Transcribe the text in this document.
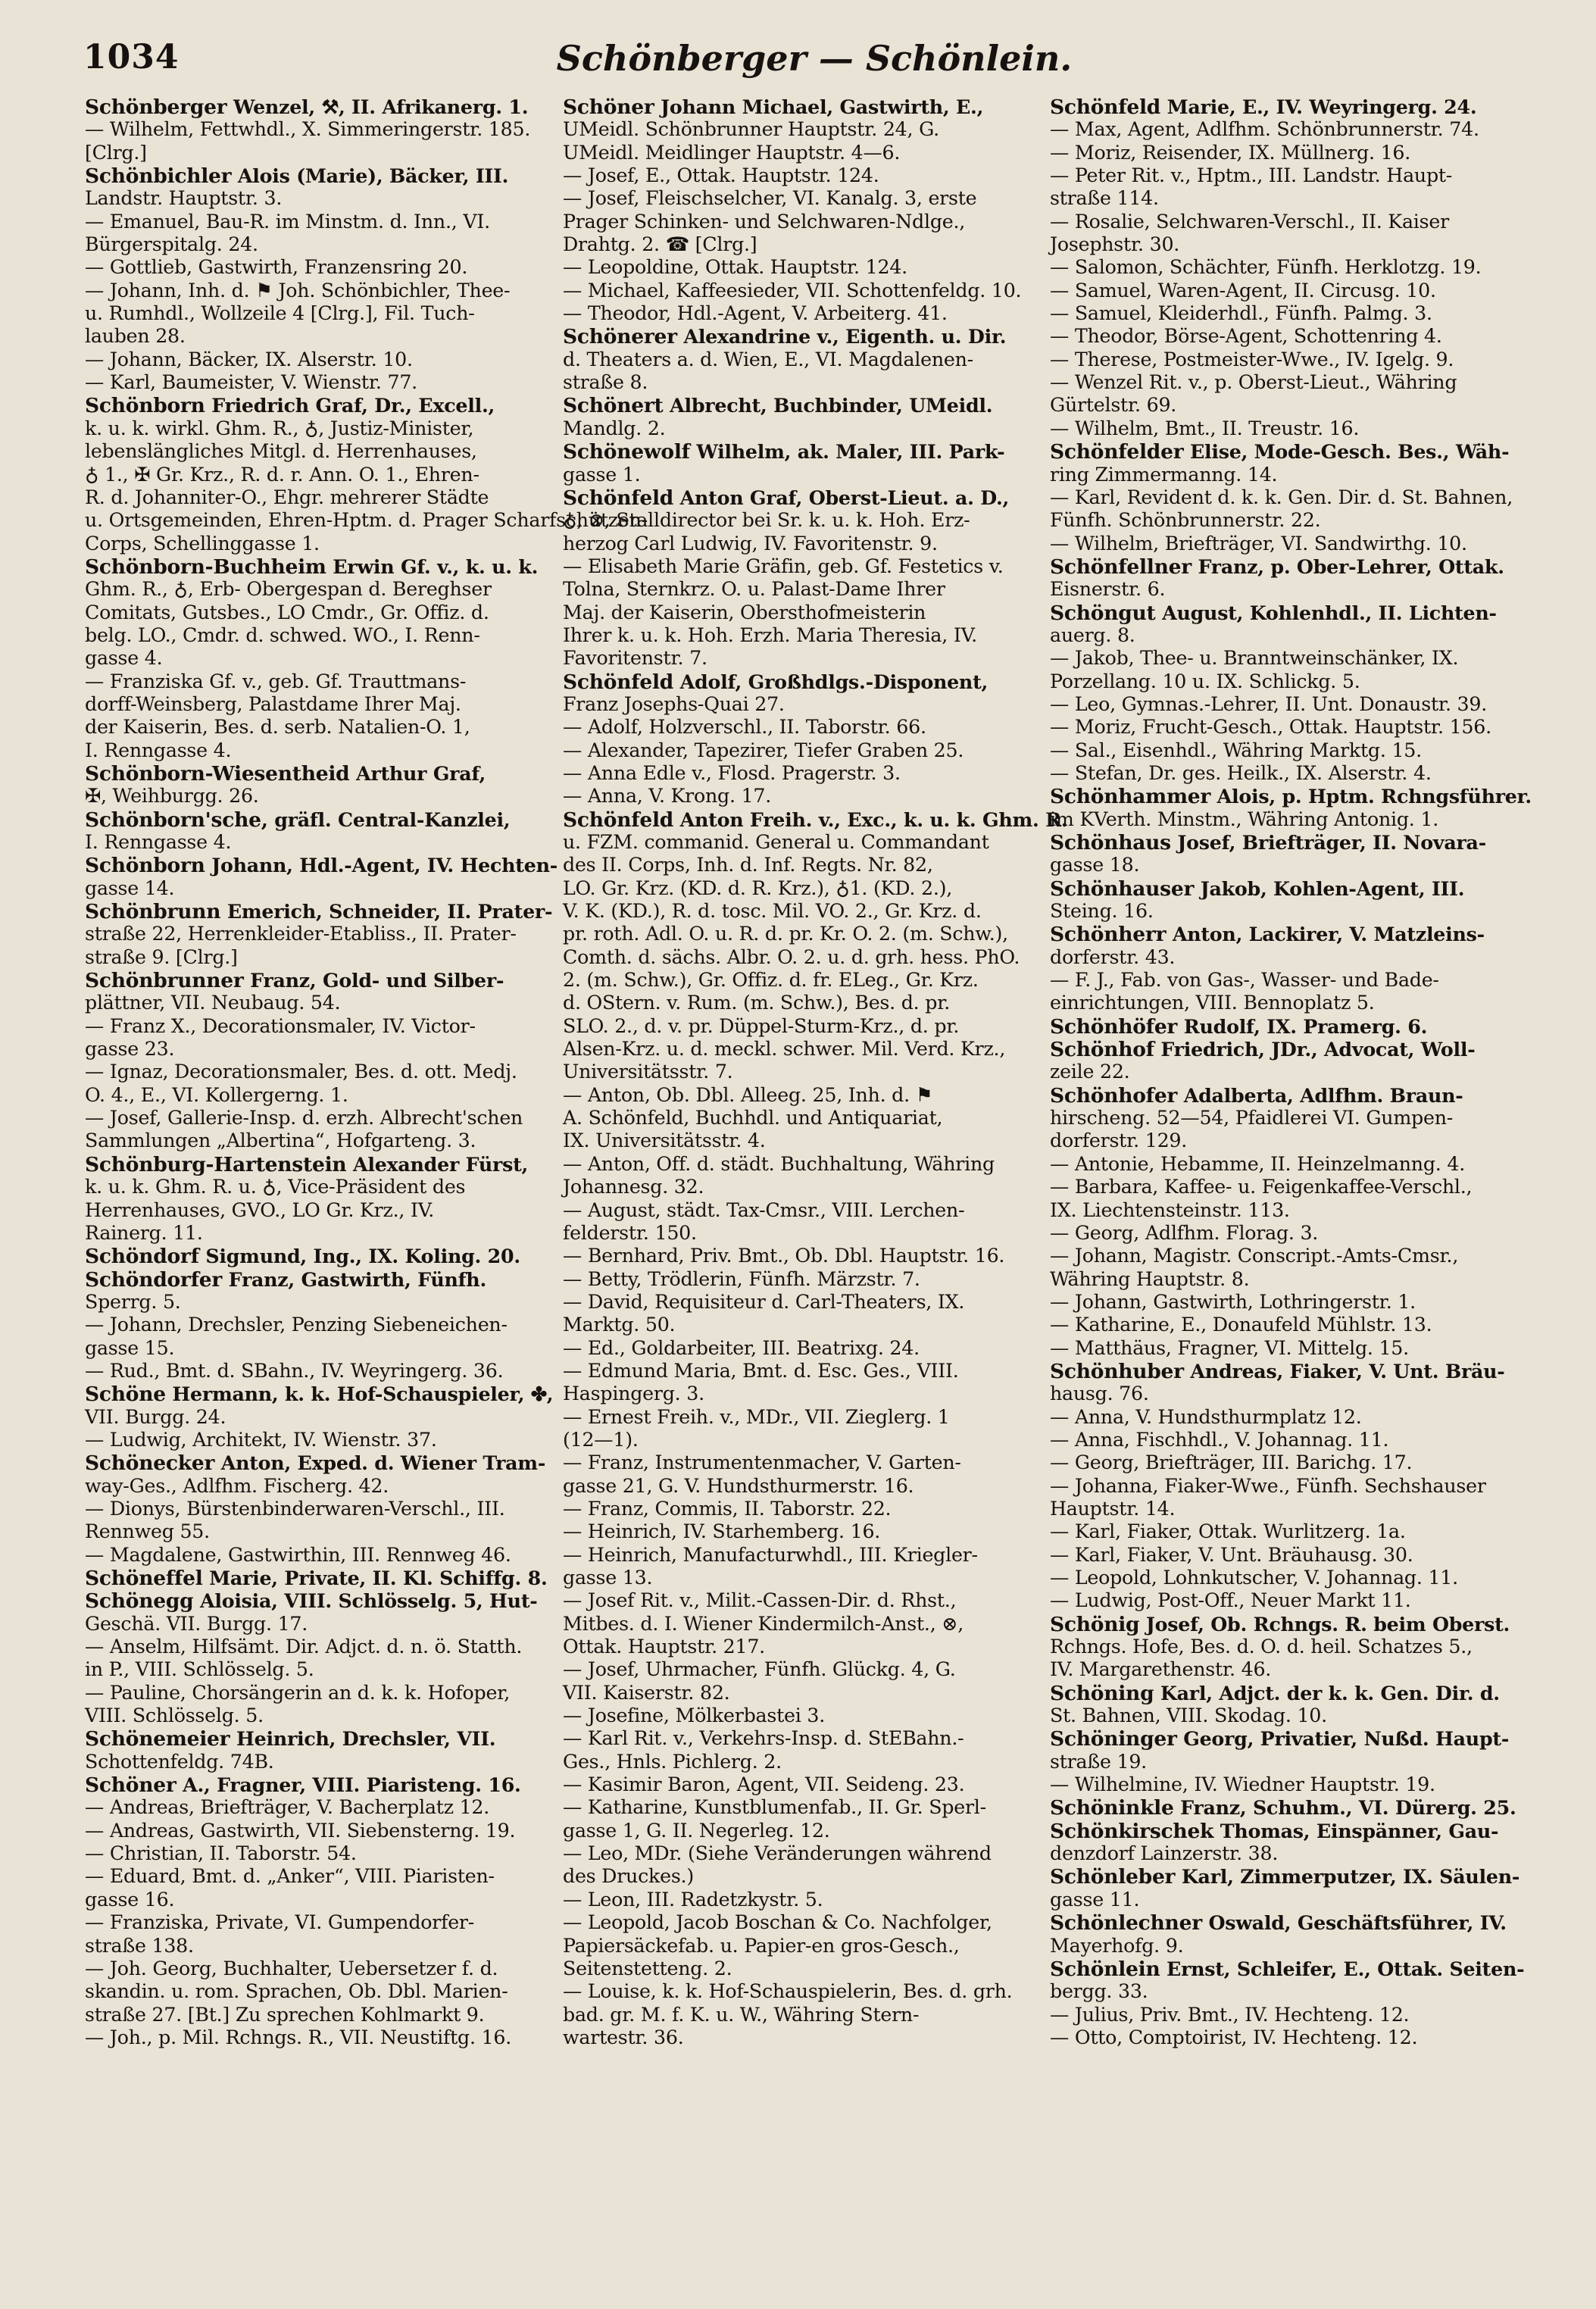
1034	Schönberger — Schönlein.
Schönberger Wenzel, ⚒, II. Afrikanerg. 1.
— Wilhelm, Fettwhdl., X. Simmeringerstr. 185.
[Clrg.]
Schönbichler Alois (Marie), Bäcker, III.
Landstr. Hauptstr. 3.
— Emanuel, Bau-R. im Minstm. d. Inn., VI.
Bürgerspitalg. 24.
— Gottlieb, Gastwirth, Franzensring 20.
— Johann, Inh. d. ⚑ Joh. Schönbichler, Thee-
u. Rumhdl., Wollzeile 4 [Clrg.], Fil. Tuch-
lauben 28.
— Johann, Bäcker, IX. Alserstr. 10.
— Karl, Baumeister, V. Wienstr. 77.
Schönborn Friedrich Graf, Dr., Excell.,
k. u. k. wirkl. Ghm. R., ♁, Justiz-Minister,
lebenslängliches Mitgl. d. Herrenhauses,
♁ 1., ✠ Gr. Krz., R. d. r. Ann. O. 1., Ehren-
R. d. Johanniter-O., Ehgr. mehrerer Städte
u. Ortsgemeinden, Ehren-Hptm. d. Prager Scharfschützen-
Corps, Schellinggasse 1.
Schönborn-Buchheim Erwin Gf. v., k. u. k.
Ghm. R., ♁, Erb- Obergespan d. Bereghser
Comitats, Gutsbes., LO Cmdr., Gr. Offiz. d.
belg. LO., Cmdr. d. schwed. WO., I. Renn-
gasse 4.
— Franziska Gf. v., geb. Gf. Trauttmans-
dorff-Weinsberg, Palastdame Ihrer Maj.
der Kaiserin, Bes. d. serb. Natalien-O. 1,
I. Renngasse 4.
Schönborn-Wiesentheid Arthur Graf,
✠, Weihburgg. 26.
Schönborn'sche, gräfl. Central-Kanzlei,
I. Renngasse 4.
Schönborn Johann, Hdl.-Agent, IV. Hechten-
gasse 14.
Schönbrunn Emerich, Schneider, II. Prater-
straße 22, Herrenkleider-Etabliss., II. Prater-
straße 9. [Clrg.]
Schönbrunner Franz, Gold- und Silber-
plättner, VII. Neubaug. 54.
— Franz X., Decorationsmaler, IV. Victor-
gasse 23.
— Ignaz, Decorationsmaler, Bes. d. ott. Medj.
O. 4., E., VI. Kollergerng. 1.
— Josef, Gallerie-Insp. d. erzh. Albrecht'schen
Sammlungen „Albertina“, Hofgarteng. 3.
Schönburg-Hartenstein Alexander Fürst,
k. u. k. Ghm. R. u. ♁, Vice-Präsident des
Herrenhauses, GVO., LO Gr. Krz., IV.
Rainerg. 11.
Schöndorf Sigmund, Ing., IX. Koling. 20.
Schöndorfer Franz, Gastwirth, Fünfh.
Sperrg. 5.
— Johann, Drechsler, Penzing Siebeneichen-
gasse 15.
— Rud., Bmt. d. SBahn., IV. Weyringerg. 36.
Schöne Hermann, k. k. Hof-Schauspieler, ✤,
VII. Burgg. 24.
— Ludwig, Architekt, IV. Wienstr. 37.
Schönecker Anton, Exped. d. Wiener Tram-
way-Ges., Adlfhm. Fischerg. 42.
— Dionys, Bürstenbinderwaren-Verschl., III.
Rennweg 55.
— Magdalene, Gastwirthin, III. Rennweg 46.
Schöneffel Marie, Private, II. Kl. Schiffg. 8.
Schönegg Aloisia, VIII. Schlösselg. 5, Hut-
Geschä. VII. Burgg. 17.
— Anselm, Hilfsämt. Dir. Adjct. d. n. ö. Statth.
in P., VIII. Schlösselg. 5.
— Pauline, Chorsängerin an d. k. k. Hofoper,
VIII. Schlösselg. 5.
Schönemeier Heinrich, Drechsler, VII.
Schottenfeldg. 74B.
Schöner A., Fragner, VIII. Piaristeng. 16.
— Andreas, Briefträger, V. Bacherplatz 12.
— Andreas, Gastwirth, VII. Siebensterng. 19.
— Christian, II. Taborstr. 54.
— Eduard, Bmt. d. „Anker“, VIII. Piaristen-
gasse 16.
— Franziska, Private, VI. Gumpendorfer-
straße 138.
— Joh. Georg, Buchhalter, Uebersetzer f. d.
skandin. u. rom. Sprachen, Ob. Dbl. Marien-
straße 27. [Bt.] Zu sprechen Kohlmarkt 9.
— Joh., p. Mil. Rchngs. R., VII. Neustiftg. 16.
Schöner Johann Michael, Gastwirth, E.,
UMeidl. Schönbrunner Hauptstr. 24, G.
UMeidl. Meidlinger Hauptstr. 4—6.
— Josef, E., Ottak. Hauptstr. 124.
— Josef, Fleischselcher, VI. Kanalg. 3, erste
Prager Schinken- und Selchwaren-Ndlge.,
Drahtg. 2. ☎ [Clrg.]
— Leopoldine, Ottak. Hauptstr. 124.
— Michael, Kaffeesieder, VII. Schottenfeldg. 10.
— Theodor, Hdl.-Agent, V. Arbeiterg. 41.
Schönerer Alexandrine v., Eigenth. u. Dir.
d. Theaters a. d. Wien, E., VI. Magdalenen-
straße 8.
Schönert Albrecht, Buchbinder, UMeidl.
Mandlg. 2.
Schönewolf Wilhelm, ak. Maler, III. Park-
gasse 1.
Schönfeld Anton Graf, Oberst-Lieut. a. D.,
♁, ⊗, Stalldirector bei Sr. k. u. k. Hoh. Erz-
herzog Carl Ludwig, IV. Favoritenstr. 9.
— Elisabeth Marie Gräfin, geb. Gf. Festetics v.
Tolna, Sternkrz. O. u. Palast-Dame Ihrer
Maj. der Kaiserin, Obersthofmeisterin
Ihrer k. u. k. Hoh. Erzh. Maria Theresia, IV.
Favoritenstr. 7.
Schönfeld Adolf, Großhdlgs.-Disponent,
Franz Josephs-Quai 27.
— Adolf, Holzverschl., II. Taborstr. 66.
— Alexander, Tapezirer, Tiefer Graben 25.
— Anna Edle v., Flosd. Pragerstr. 3.
— Anna, V. Krong. 17.
Schönfeld Anton Freih. v., Exc., k. u. k. Ghm. R.
u. FZM. commanid. General u. Commandant
des II. Corps, Inh. d. Inf. Regts. Nr. 82,
LO. Gr. Krz. (KD. d. R. Krz.), ♁1. (KD. 2.),
V. K. (KD.), R. d. tosc. Mil. VO. 2., Gr. Krz. d.
pr. roth. Adl. O. u. R. d. pr. Kr. O. 2. (m. Schw.),
Comth. d. sächs. Albr. O. 2. u. d. grh. hess. PhO.
2. (m. Schw.), Gr. Offiz. d. fr. ELeg., Gr. Krz.
d. OStern. v. Rum. (m. Schw.), Bes. d. pr.
SLO. 2., d. v. pr. Düppel-Sturm-Krz., d. pr.
Alsen-Krz. u. d. meckl. schwer. Mil. Verd. Krz.,
Universitätsstr. 7.
— Anton, Ob. Dbl. Alleeg. 25, Inh. d. ⚑
A. Schönfeld, Buchhdl. und Antiquariat,
IX. Universitätsstr. 4.
— Anton, Off. d. städt. Buchhaltung, Währing
Johannesg. 32.
— August, städt. Tax-Cmsr., VIII. Lerchen-
felderstr. 150.
— Bernhard, Priv. Bmt., Ob. Dbl. Hauptstr. 16.
— Betty, Trödlerin, Fünfh. Märzstr. 7.
— David, Requisiteur d. Carl-Theaters, IX.
Marktg. 50.
— Ed., Goldarbeiter, III. Beatrixg. 24.
— Edmund Maria, Bmt. d. Esc. Ges., VIII.
Haspingerg. 3.
— Ernest Freih. v., MDr., VII. Zieglerg. 1
(12—1).
— Franz, Instrumentenmacher, V. Garten-
gasse 21, G. V. Hundsthurmerstr. 16.
— Franz, Commis, II. Taborstr. 22.
— Heinrich, IV. Starhemberg. 16.
— Heinrich, Manufacturwhdl., III. Kriegler-
gasse 13.
— Josef Rit. v., Milit.-Cassen-Dir. d. Rhst.,
Mitbes. d. I. Wiener Kindermilch-Anst., ⊗,
Ottak. Hauptstr. 217.
— Josef, Uhrmacher, Fünfh. Glückg. 4, G.
VII. Kaiserstr. 82.
— Josefine, Mölkerbastei 3.
— Karl Rit. v., Verkehrs-Insp. d. StEBahn.-
Ges., Hnls. Pichlerg. 2.
— Kasimir Baron, Agent, VII. Seideng. 23.
— Katharine, Kunstblumenfab., II. Gr. Sperl-
gasse 1, G. II. Negerleg. 12.
— Leo, MDr. (Siehe Veränderungen während
des Druckes.)
— Leon, III. Radetzkystr. 5.
— Leopold, Jacob Boschan & Co. Nachfolger,
Papiersäckefab. u. Papier-en gros-Gesch.,
Seitenstetteng. 2.
— Louise, k. k. Hof-Schauspielerin, Bes. d. grh.
bad. gr. M. f. K. u. W., Währing Stern-
wartestr. 36.
Schönfeld Marie, E., IV. Weyringerg. 24.
— Max, Agent, Adlfhm. Schönbrunnerstr. 74.
— Moriz, Reisender, IX. Müllnerg. 16.
— Peter Rit. v., Hptm., III. Landstr. Haupt-
straße 114.
— Rosalie, Selchwaren-Verschl., II. Kaiser
Josephstr. 30.
— Salomon, Schächter, Fünfh. Herklotzg. 19.
— Samuel, Waren-Agent, II. Circusg. 10.
— Samuel, Kleiderhdl., Fünfh. Palmg. 3.
— Theodor, Börse-Agent, Schottenring 4.
— Therese, Postmeister-Wwe., IV. Igelg. 9.
— Wenzel Rit. v., p. Oberst-Lieut., Währing
Gürtelstr. 69.
— Wilhelm, Bmt., II. Treustr. 16.
Schönfelder Elise, Mode-Gesch. Bes., Wäh-
ring Zimmermanng. 14.
— Karl, Revident d. k. k. Gen. Dir. d. St. Bahnen,
Fünfh. Schönbrunnerstr. 22.
— Wilhelm, Briefträger, VI. Sandwirthg. 10.
Schönfellner Franz, p. Ober-Lehrer, Ottak.
Eisnerstr. 6.
Schöngut August, Kohlenhdl., II. Lichten-
auerg. 8.
— Jakob, Thee- u. Branntweinschänker, IX.
Porzellang. 10 u. IX. Schlickg. 5.
— Leo, Gymnas.-Lehrer, II. Unt. Donaustr. 39.
— Moriz, Frucht-Gesch., Ottak. Hauptstr. 156.
— Sal., Eisenhdl., Währing Marktg. 15.
— Stefan, Dr. ges. Heilk., IX. Alserstr. 4.
Schönhammer Alois, p. Hptm. Rchngsführer.
im KVerth. Minstm., Währing Antonig. 1.
Schönhaus Josef, Briefträger, II. Novara-
gasse 18.
Schönhauser Jakob, Kohlen-Agent, III.
Steing. 16.
Schönherr Anton, Lackirer, V. Matzleins-
dorferstr. 43.
— F. J., Fab. von Gas-, Wasser- und Bade-
einrichtungen, VIII. Bennoplatz 5.
Schönhöfer Rudolf, IX. Pramerg. 6.
Schönhof Friedrich, JDr., Advocat, Woll-
zeile 22.
Schönhofer Adalberta, Adlfhm. Braun-
hirschеng. 52—54, Pfaidlerei VI. Gumpen-
dorferstr. 129.
— Antonie, Hebamme, II. Heinzelmanng. 4.
— Barbara, Kaffee- u. Feigenkaffee-Verschl.,
IX. Liechtensteinstr. 113.
— Georg, Adlfhm. Florag. 3.
— Johann, Magistr. Conscript.-Amts-Cmsr.,
Währing Hauptstr. 8.
— Johann, Gastwirth, Lothringerstr. 1.
— Katharine, E., Donaufeld Mühlstr. 13.
— Matthäus, Fragner, VI. Mittelg. 15.
Schönhuber Andreas, Fiaker, V. Unt. Bräu-
hausg. 76.
— Anna, V. Hundsthurmplatz 12.
— Anna, Fischhdl., V. Johannag. 11.
— Georg, Briefträger, III. Barichg. 17.
— Johanna, Fiaker-Wwe., Fünfh. Sechshauser
Hauptstr. 14.
— Karl, Fiaker, Ottak. Wurlitzerg. 1a.
— Karl, Fiaker, V. Unt. Bräuhausg. 30.
— Leopold, Lohnkutscher, V. Johannag. 11.
— Ludwig, Post-Off., Neuer Markt 11.
Schönig Josef, Ob. Rchngs. R. beim Oberst.
Rchngs. Hofe, Bes. d. O. d. heil. Schatzes 5.,
IV. Margarethenstr. 46.
Schöning Karl, Adjct. der k. k. Gen. Dir. d.
St. Bahnen, VIII. Skodag. 10.
Schöninger Georg, Privatier, Nußd. Haupt-
straße 19.
— Wilhelmine, IV. Wiedner Hauptstr. 19.
Schöninkle Franz, Schuhm., VI. Dürerg. 25.
Schönkirschek Thomas, Einspänner, Gau-
denzdorf Lainzerstr. 38.
Schönleber Karl, Zimmerputzer, IX. Säulen-
gasse 11.
Schönlechner Oswald, Geschäftsführer, IV.
Mayerhofg. 9.
Schönlein Ernst, Schleifer, E., Ottak. Seiten-
bergg. 33.
— Julius, Priv. Bmt., IV. Hechteng. 12.
— Otto, Comptoirist, IV. Hechteng. 12.
